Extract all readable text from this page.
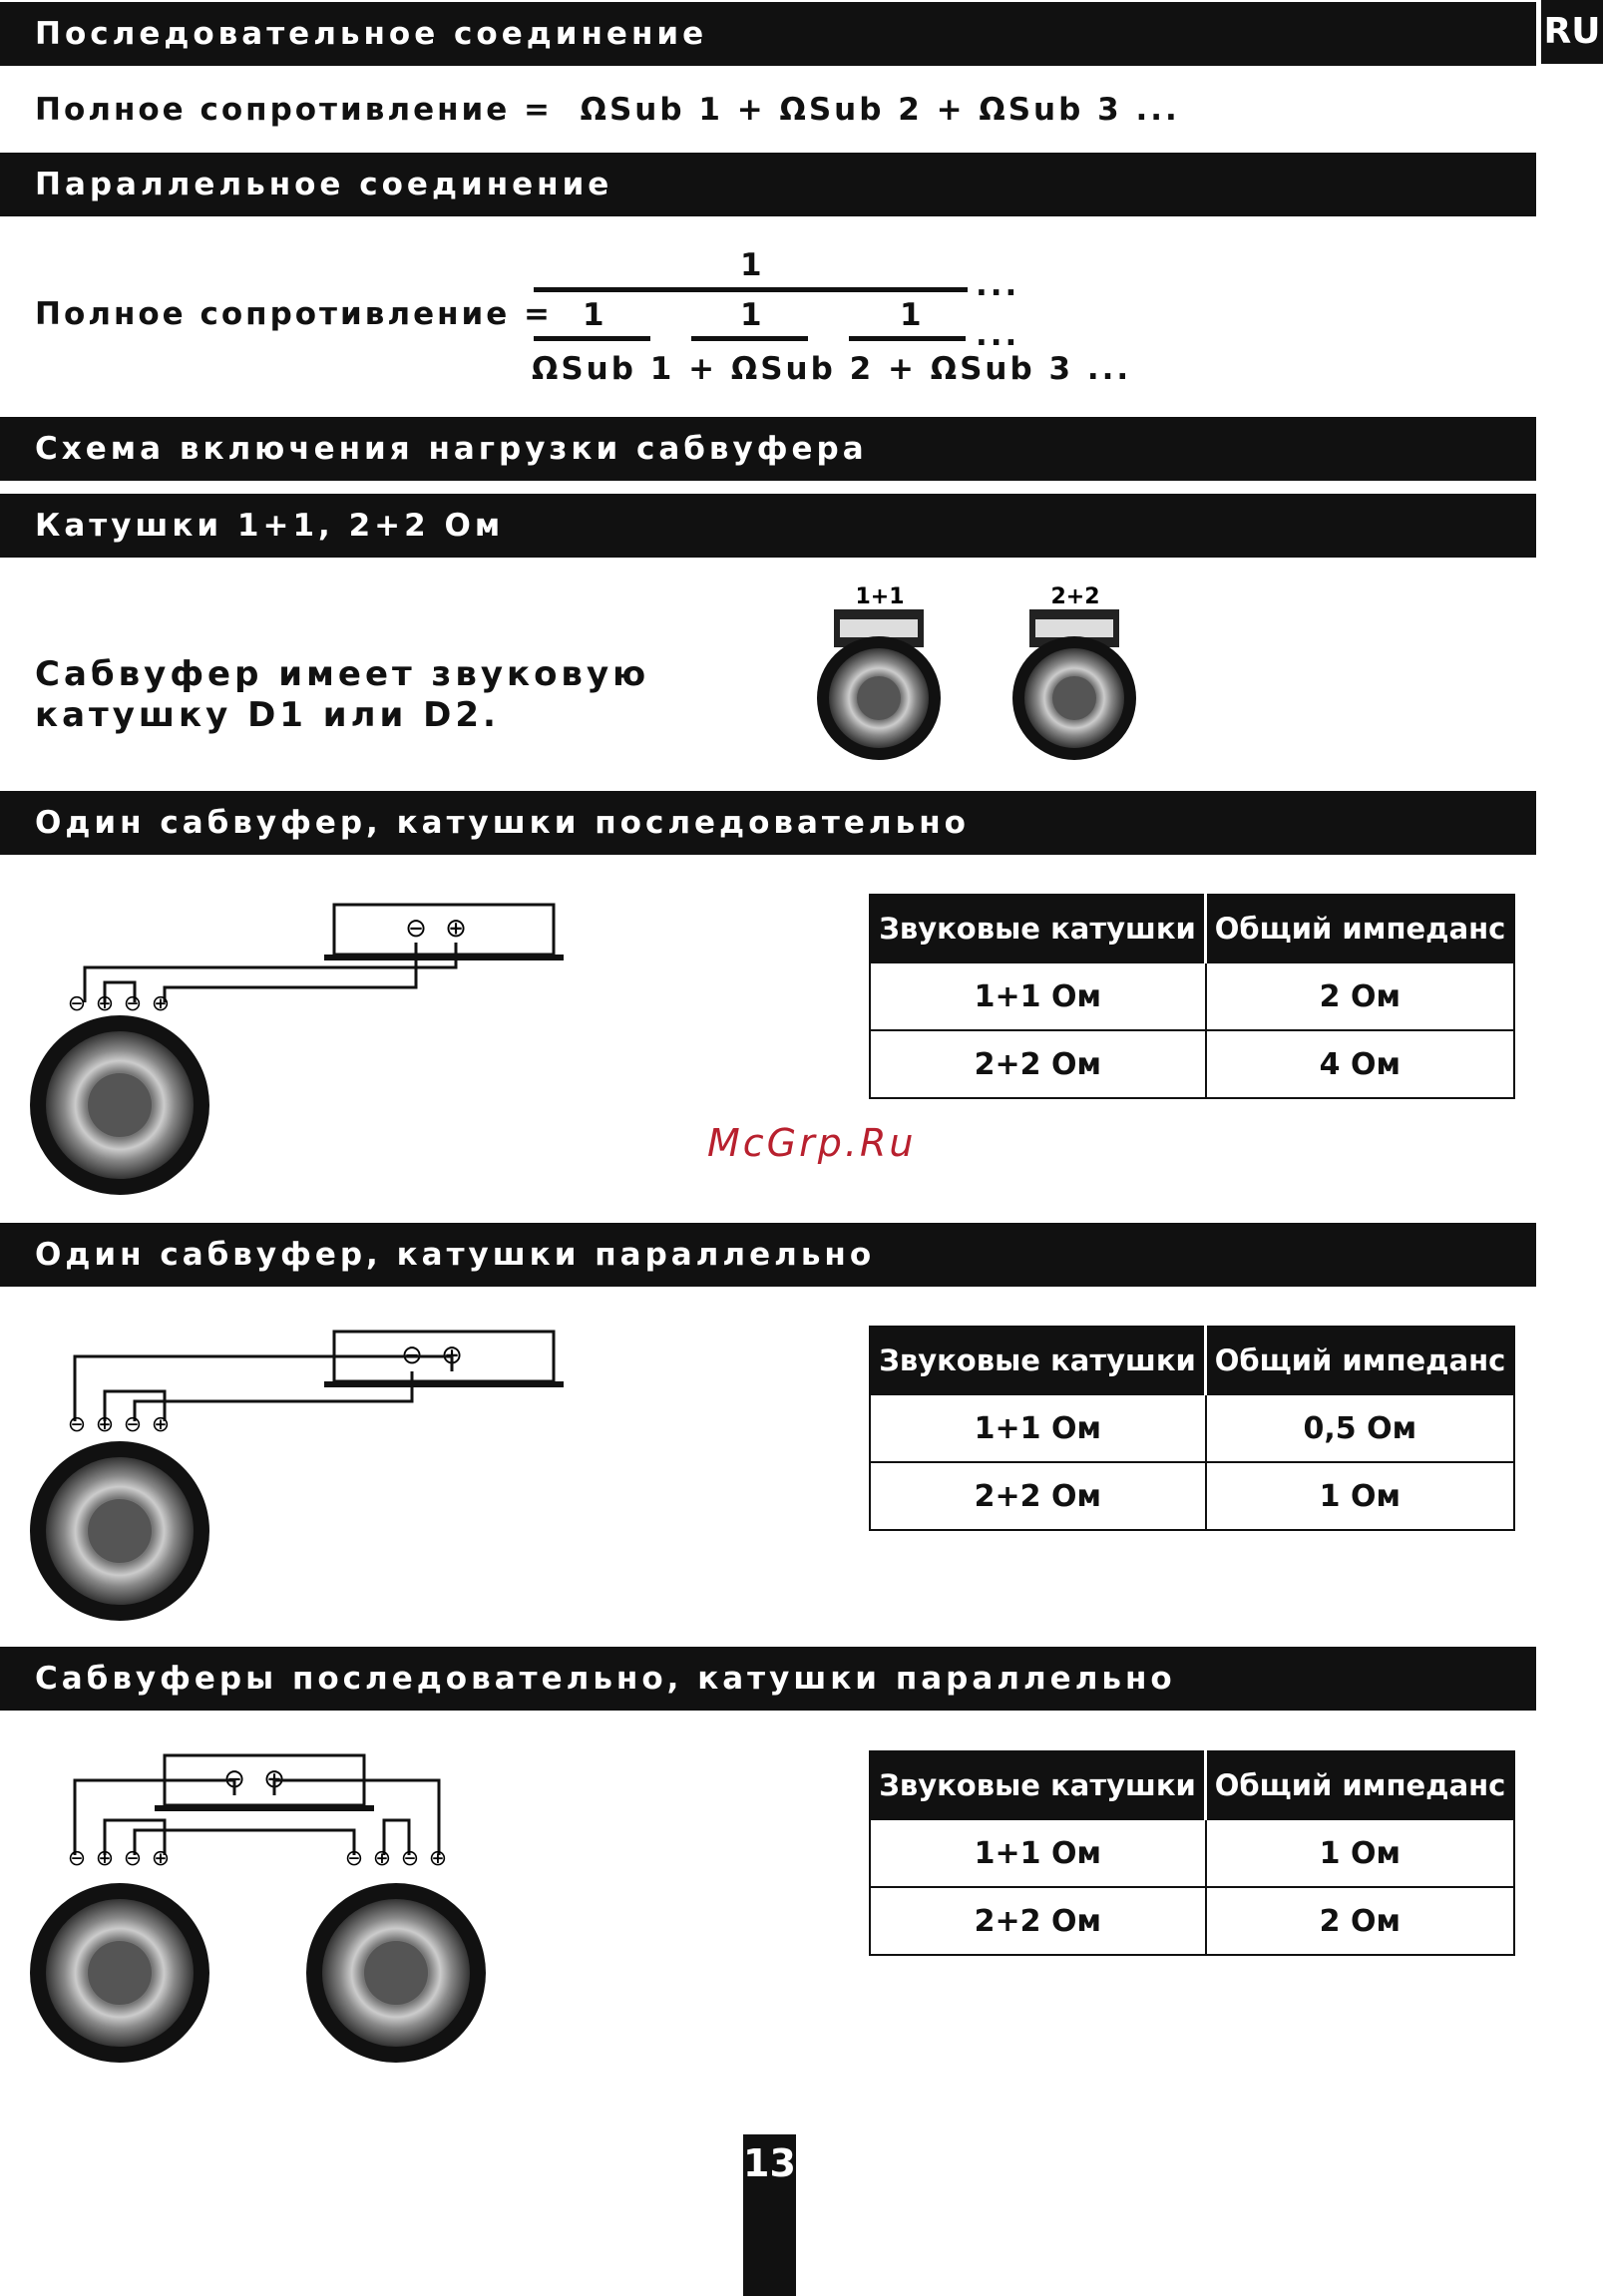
Последовательное соединение	RU
Полное сопротивление = ΩSub 1 + ΩSub 2 + ΩSub 3 ...
Параллельное соединение
Полное сопротивление =
1
...
1	1	1
...
ΩSub 1 + ΩSub 2 + ΩSub 3 ...
Схема включения нагрузки сабвуфера
Катушки 1+1, 2+2 Ом
Сабвуфер имеет звуковую катушку D1 или D2.
1+1	2+2
Один сабвуфер, катушки последовательно
⊖ ⊕
⊖ ⊕ ⊖ ⊕
Звуковые катушки	Общий импеданс
1+1 Ом	2 Ом
2+2 Ом	4 Ом
McGrp.Ru
Один сабвуфер, катушки параллельно
⊖ ⊕
⊖ ⊕ ⊖ ⊕
Звуковые катушки	Общий импеданс
1+1 Ом	0,5 Ом
2+2 Ом	1 Ом
Сабвуферы последовательно, катушки параллельно
⊖ ⊕
⊖ ⊕ ⊖ ⊕	⊖ ⊕ ⊖ ⊕
Звуковые катушки	Общий импеданс
1+1 Ом	1 Ом
2+2 Ом	2 Ом
13
